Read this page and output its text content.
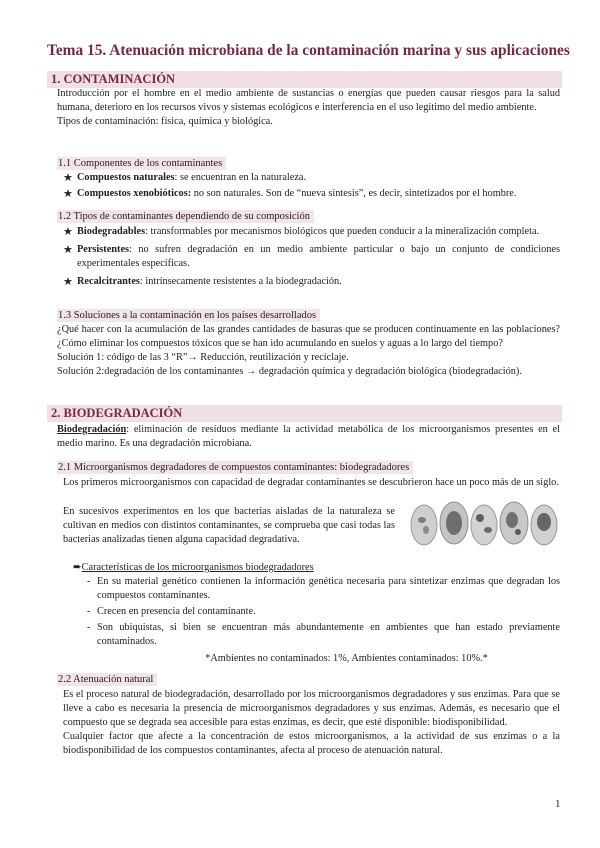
Tema 15. Atenuación microbiana de la contaminación marina y sus aplicaciones
1. CONTAMINACIÓN

Introducción por el hombre en el medio ambiente de sustancias o energías que pueden causar riesgos para la salud humana, deterioro en los recursos vivos y sistemas ecológicos e interferencia en el uso legítimo del medio ambiente.

Tipos de contaminación: física, química y biológica.

1.1 Componentes de los contaminantes
★ Compuestos naturales: se encuentran en la naturaleza.
★ Compuestos xenobióticos: no son naturales. Son de “nueva síntesis”, es decir, sintetizados por el hombre.
1.2 Tipos de contaminantes dependiendo de su composición
★ Biodegradables: transformables por mecanismos biológicos que pueden conducir a la mineralización completa.
★ Persistentes: no sufren degradación en un medio ambiente particular o bajo un conjunto de condiciones experimentales específicas.
★ Recalcitrantes: intrínsecamente resistentes a la biodegradación.
1.3 Soluciones a la contaminación en los países desarrollados

¿Qué hacer con la acumulación de las grandes cantidades de basuras que se producen continuamente en las poblaciones? ¿Cómo eliminar los compuestos tóxicos que se han ido acumulando en suelos y aguas a lo largo del tiempo?

Solución 1: código de las 3 “R”→ Reducción, reutilización y reciclaje.

Solución 2:degradación de los contaminantes → degradación química y degradación biológica (biodegradación).

2. BIODEGRADACIÓN

Biodegradación: eliminación de residuos mediante la actividad metabólica de los microorganismos presentes en el medio marino. Es una degradación microbiana.

2.1 Microorganismos degradadores de compuestos contaminantes: biodegradadores

Los primeros microorganismos con capacidad de degradar contaminantes se descubrieron hace un poco más de un siglo.

En sucesivos experimentos en los que bacterias aisladas de la naturaleza se cultivan en medios con distintos contaminantes, se comprueba que casi todas las bacterias analizadas tienen alguna capacidad degradativa.

➨Características de los microorganismos biodegradadores

- En su material genético contienen la información genética necesaria para sintetizar enzimas que degradan los compuestos contaminantes.
- Crecen en presencia del contaminante.
- Son ubiquistas, si bien se encuentran más abundantemente en ambientes que han estado previamente contaminados.

*Ambientes no contaminados: 1%, Ambientes contaminados: 10%.*

2.2 Atenuación natural

Es el proceso natural de biodegradación, desarrollado por los microorganismos degradadores y sus enzimas. Para que se lleve a cabo es necesaria la presencia de microorganismos degradadores y sus enzimas. Además, es necesario que el compuesto que se degrada sea accesible para estas enzimas, es decir, que esté disponible: biodisponibilidad.

Cualquier factor que afecte a la concentración de estos microorganismos, a la actividad de sus enzimas o a la biodisponibilidad de los compuestos contaminantes, afecta al proceso de atenuación natural.

1
